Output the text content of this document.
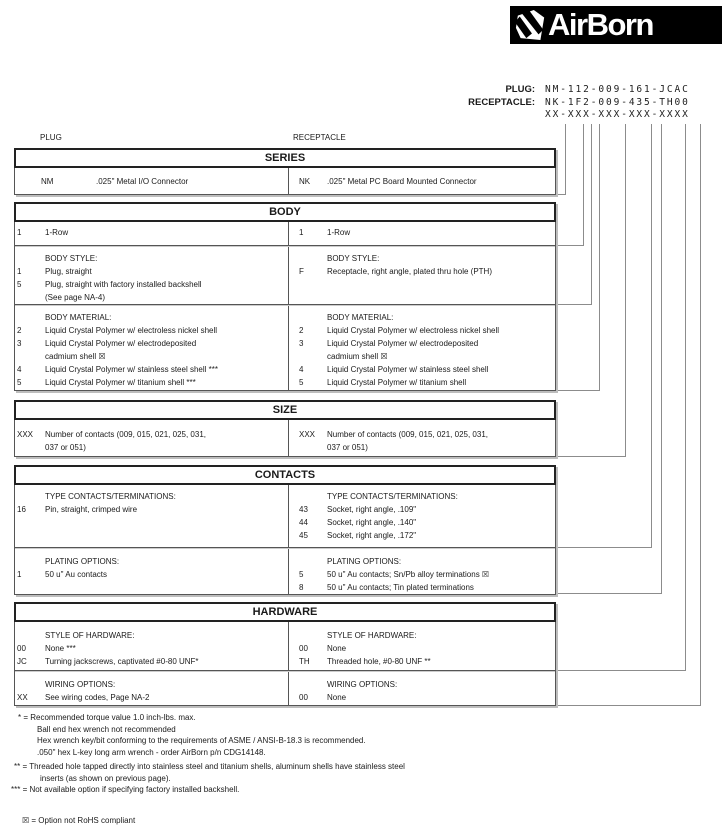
AirBorn
PLUG:	NM-112-009-161-JCAC
RECEPTACLE:	NK-1F2-009-435-TH00
XX-XXX-XXX-XXX-XXXX
PLUG	RECEPTACLE
SERIES
NM	.025" Metal I/O Connector	NK	.025" Metal PC Board Mounted Connector
BODY
1	1-Row	1	1-Row
BODY STYLE:
1	Plug, straight
5	Plug, straight with factory installed backshell
(See page NA-4)
BODY STYLE:
F	Receptacle, right angle, plated thru hole (PTH)
BODY MATERIAL:
2	Liquid Crystal Polymer w/ electroless nickel shell
3	Liquid Crystal Polymer w/ electrodeposited
cadmium shell ☒
4	Liquid Crystal Polymer w/ stainless steel shell ***
5	Liquid Crystal Polymer w/ titanium shell ***
BODY MATERIAL:
2	Liquid Crystal Polymer w/ electroless nickel shell
3	Liquid Crystal Polymer w/ electrodeposited
cadmium shell ☒
4	Liquid Crystal Polymer w/ stainless steel shell
5	Liquid Crystal Polymer w/ titanium shell
SIZE
XXX	Number of contacts (009, 015, 021, 025, 031,
037 or 051)
XXX	Number of contacts (009, 015, 021, 025, 031,
037 or 051)
CONTACTS
TYPE CONTACTS/TERMINATIONS:
16	Pin, straight, crimped wire
TYPE CONTACTS/TERMINATIONS:
43	Socket, right angle, .109"
44	Socket, right angle, .140"
45	Socket, right angle, .172"
PLATING OPTIONS:
1	50 u" Au contacts
PLATING OPTIONS:
5	50 u" Au contacts; Sn/Pb alloy terminations ☒
8	50 u" Au contacts; Tin plated terminations
HARDWARE
STYLE OF HARDWARE:
00	None ***
JC	Turning jackscrews, captivated #0-80 UNF*
STYLE OF HARDWARE:
00	None
TH	Threaded hole, #0-80 UNF **
WIRING OPTIONS:
XX	See wiring codes, Page NA-2
WIRING OPTIONS:
00	None
* = Recommended torque value 1.0 inch-lbs. max.
Ball end hex wrench not recommended
Hex wrench key/bit conforming to the requirements of ASME / ANSI-B-18.3 is recommended.
.050" hex L-key long arm wrench - order AirBorn p/n CDG14148.
** = Threaded hole tapped directly into stainless steel and titanium shells, aluminum shells have stainless steel
inserts (as shown on previous page).
*** = Not available option if specifying factory installed backshell.
☒ = Option not RoHS compliant
